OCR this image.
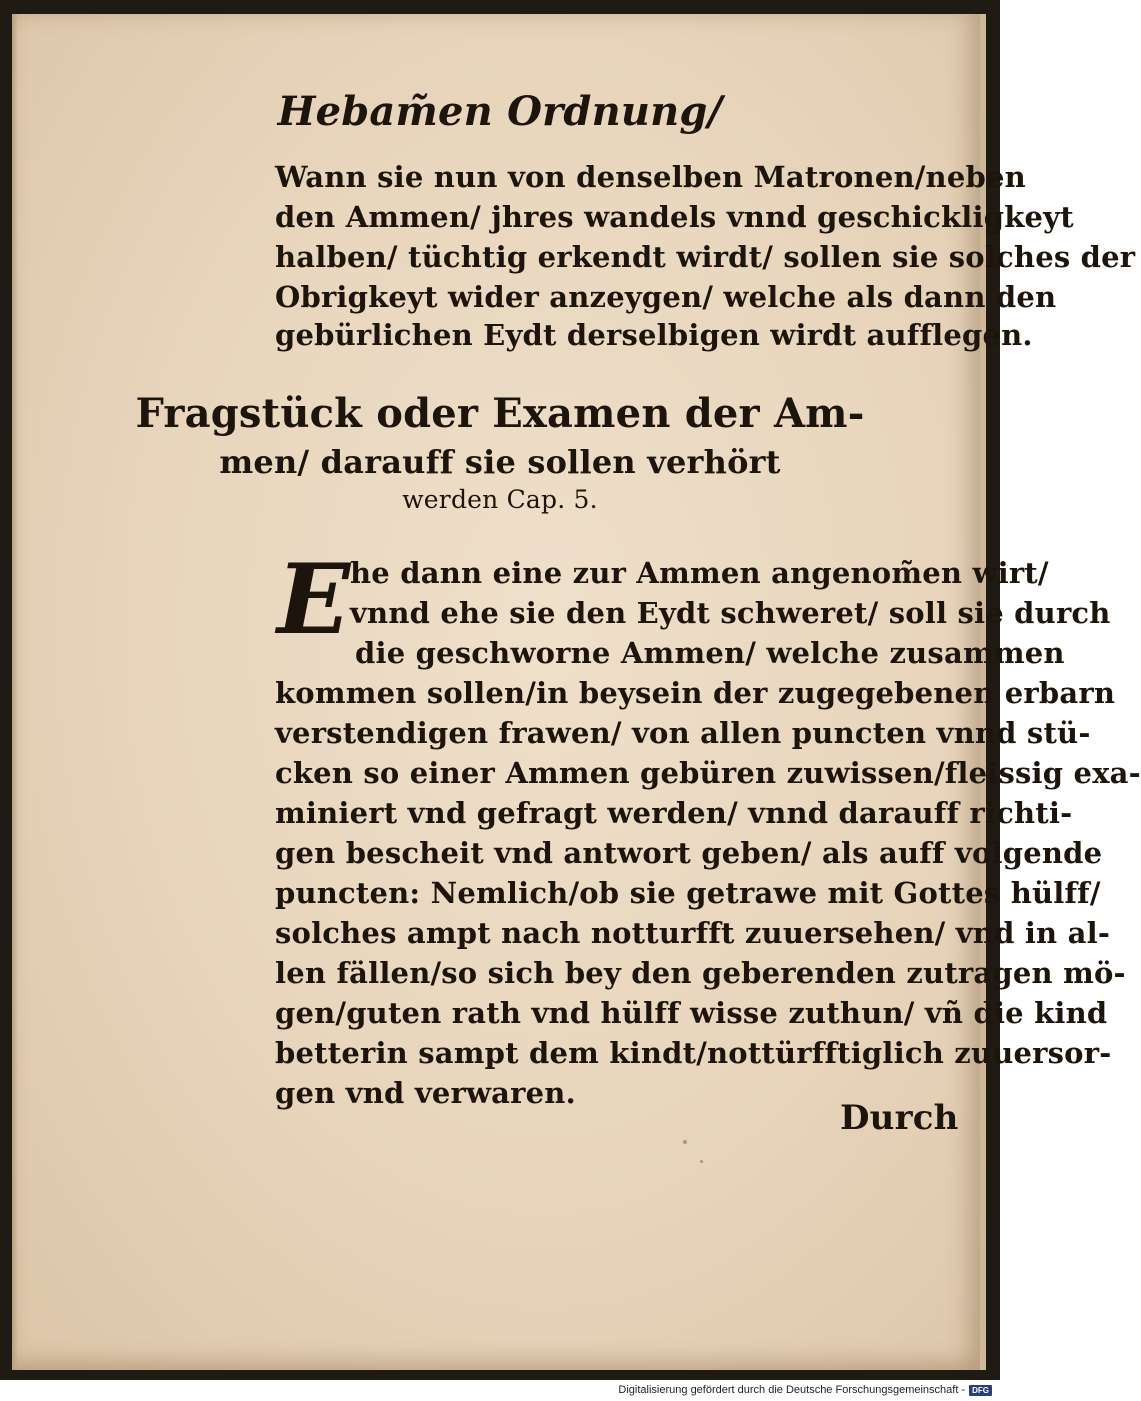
Hebam̃en Ordnung/
Wann sie nun von denselben Matronen/neben
den Ammen/ jhres wandels vnnd geschickligkeyt
halben/ tüchtig erkendt wirdt/ sollen sie solches der
Obrigkeyt wider anzeygen/ welche als dann den
gebürlichen Eydt derselbigen wirdt aufflegen.
Fragstück oder Examen der Am-
men/ darauff sie sollen verhört
werden Cap. 5.
E he dann eine zur Ammen angenom̃en wirt/
vnnd ehe sie den Eydt schweret/ soll sie durch
die geschworne Ammen/ welche zusammen
kommen sollen/in beysein der zugegebenen erbarn
verstendigen frawen/ von allen puncten vnnd stü-
cken so einer Ammen gebüren zuwissen/fleissig exa-
miniert vnd gefragt werden/ vnnd darauff richti-
gen bescheit vnd antwort geben/ als auff volgende
puncten: Nemlich/ob sie getrawe mit Gottes hülff/
solches ampt nach notturfft zuuersehen/ vnd in al-
len fällen/so sich bey den geberenden zutragen mö-
gen/guten rath vnd hülff wisse zuthun/ vñ die kind
betterin sampt dem kindt/nottürfftiglich zuuersor-
gen vnd verwaren.
Durch
Digitalisierung gefördert durch die Deutsche Forschungsgemeinschaft - DFG
